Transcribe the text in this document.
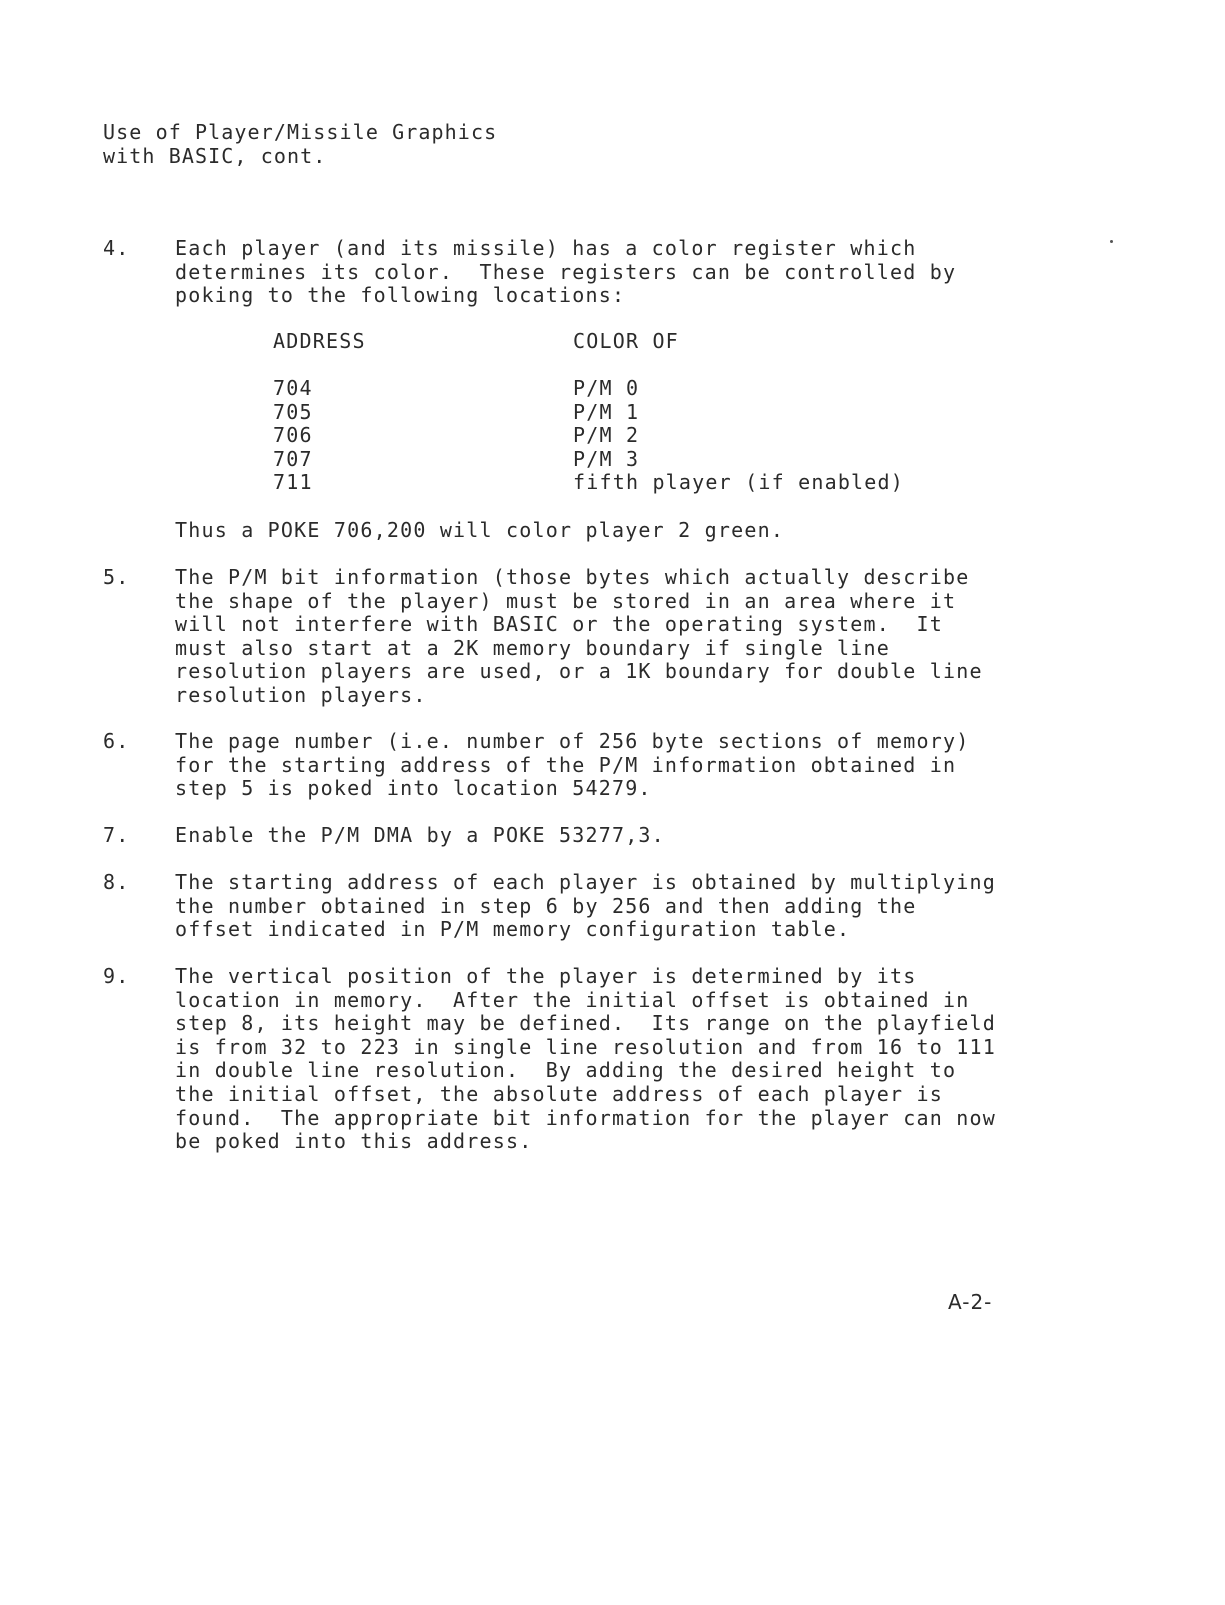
Use of Player/Missile Graphics
with BASIC, cont.
4. Each player (and its missile) has a color register which
determines its color.  These registers can be controlled by
poking to the following locations:
ADDRESS	COLOR OF
704	P/M 0
705	P/M 1
706	P/M 2
707	P/M 3
711	fifth player (if enabled)
Thus a POKE 706,200 will color player 2 green.
5. The P/M bit information (those bytes which actually describe
the shape of the player) must be stored in an area where it
will not interfere with BASIC or the operating system.  It
must also start at a 2K memory boundary if single line
resolution players are used, or a 1K boundary for double line
resolution players.
6. The page number (i.e. number of 256 byte sections of memory)
for the starting address of the P/M information obtained in
step 5 is poked into location 54279.
7. Enable the P/M DMA by a POKE 53277,3.
8. The starting address of each player is obtained by multiplying
the number obtained in step 6 by 256 and then adding the
offset indicated in P/M memory configuration table.
9. The vertical position of the player is determined by its
location in memory.  After the initial offset is obtained in
step 8, its height may be defined.  Its range on the playfield
is from 32 to 223 in single line resolution and from 16 to 111
in double line resolution.  By adding the desired height to
the initial offset, the absolute address of each player is
found.  The appropriate bit information for the player can now
be poked into this address.
A-2-
